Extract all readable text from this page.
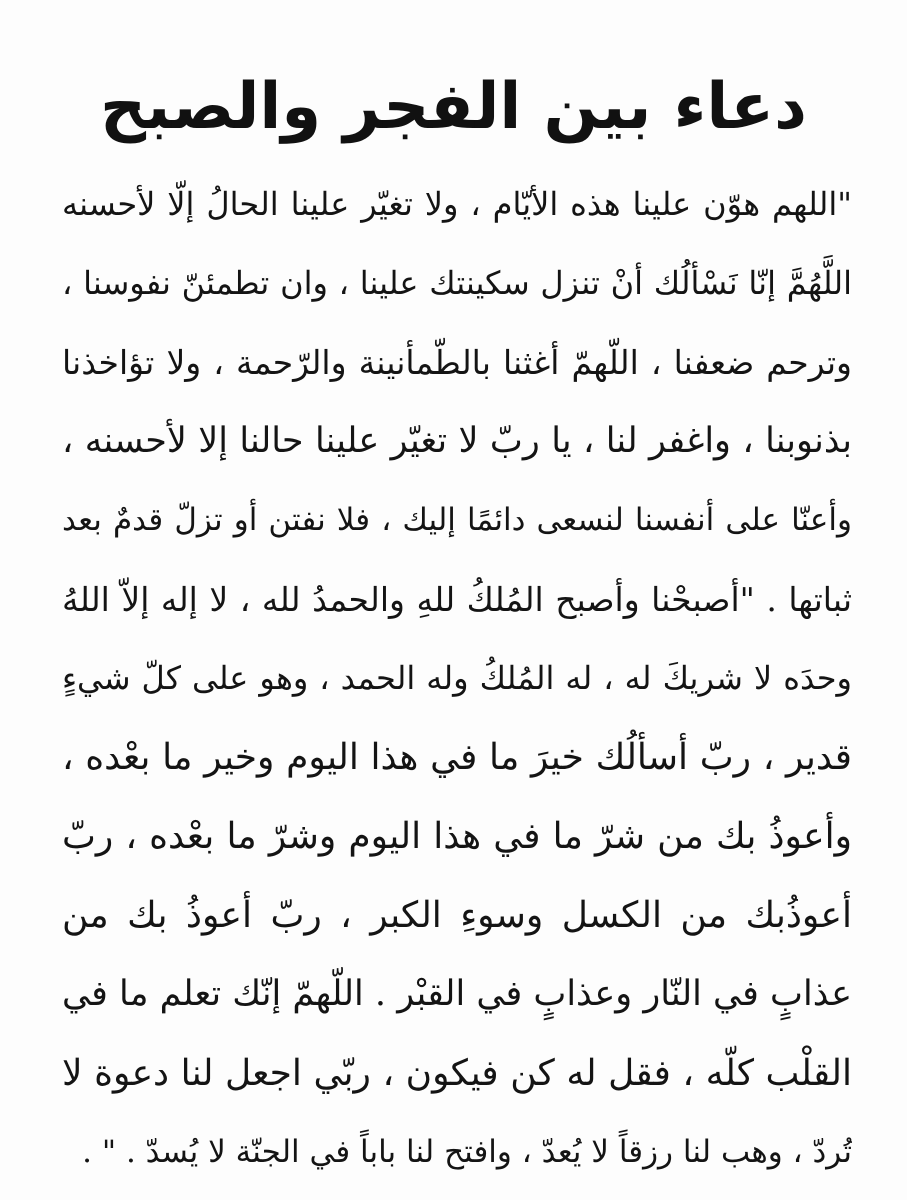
دعاء بين الفجر والصبح
"اللهم هوّن علينا هذه الأيّام ، ولا تغيّر علينا الحالُ إلّا لأحسنه
اللَّهُمَّ إنّا نَسْألُك أنْ تنزل سكينتك علينا ، وان تطمئنّ نفوسنا ،
وترحم ضعفنا ، اللّهمّ أغثنا بالطّمأنينة والرّحمة ، ولا تؤاخذنا
بذنوبنا ، واغفر لنا ، يا ربّ لا تغيّر علينا حالنا إلا لأحسنه ،
وأعنّا على أنفسنا لنسعى دائمًا إليك ، فلا نفتن أو تزلّ قدمٌ بعد
ثباتها . "أصبحْنا وأصبح المُلكُ للهِ والحمدُ لله ، لا إله إلاّ اللهُ
وحدَه لا شريكَ له ، له المُلكُ وله الحمد ، وهو على كلّ شيءٍ
قدير ، ربّ أسألُك خيرَ ما في هذا اليوم وخير ما بعْده ،
وأعوذُ بك من شرّ ما في هذا اليوم وشرّ ما بعْده ، ربّ
أعوذُبك من الكسل وسوءِ الكبر ، ربّ أعوذُ بك من
عذابٍ في النّار وعذابٍ في القبْر . اللّهمّ إنّك تعلم ما في
القلْب كلّه ، فقل له كن فيكون ، ربّي اجعل لنا دعوة لا
تُردّ ، وهب لنا رزقاً لا يُعدّ ، وافتح لنا باباً في الجنّة لا يُسدّ . " .
